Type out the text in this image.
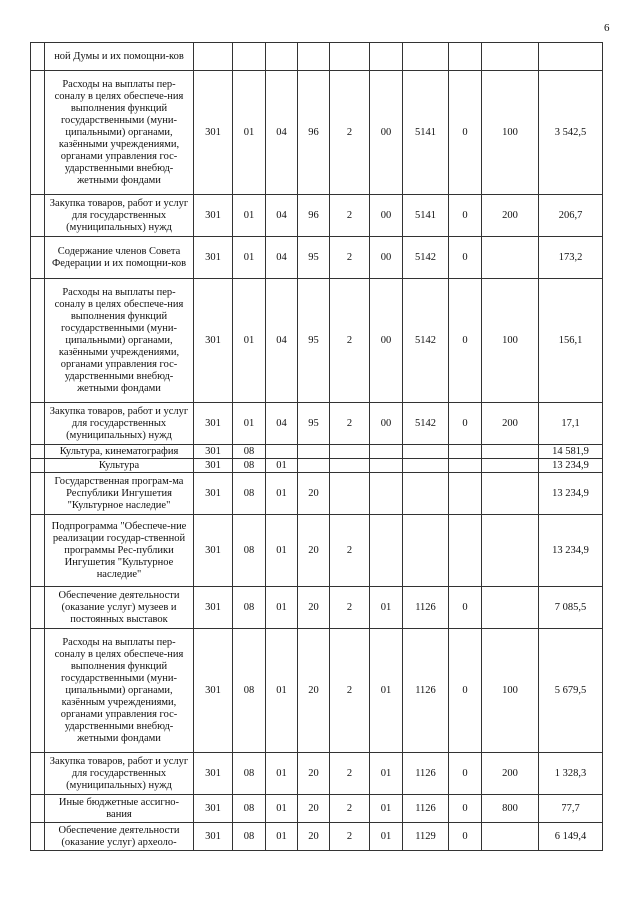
6
	ной Думы и их помощни-ков										
	Расходы на выплаты пер-соналу в целях обеспече-ния выполнения функций государственными (муни-ципальными) органами, казёнными учреждениями, органами управления гос-ударственными внебюд-жетными фондами	301	01	04	96	2	00	5141	0	100	3 542,5
	Закупка товаров, работ и услуг для государственных (муниципальных) нужд	301	01	04	96	2	00	5141	0	200	206,7
	Содержание членов Совета Федерации и их помощни-ков	301	01	04	95	2	00	5142	0		173,2
	Расходы на выплаты пер-соналу в целях обеспече-ния выполнения функций государственными (муни-ципальными) органами, казёнными учреждениями, органами управления гос-ударственными внебюд-жетными фондами	301	01	04	95	2	00	5142	0	100	156,1
	Закупка товаров, работ и услуг для государственных (муниципальных) нужд	301	01	04	95	2	00	5142	0	200	17,1
	Культура, кинематография	301	08								14 581,9
	Культура	301	08	01							13 234,9
	Государственная програм-ма Республики Ингушетия "Культурное наследие"	301	08	01	20						13 234,9
	Подпрограмма "Обеспече-ние реализации государ-ственной программы Рес-публики Ингушетия "Культурное наследие"	301	08	01	20	2					13 234,9
	Обеспечение деятельности (оказание услуг) музеев и постоянных выставок	301	08	01	20	2	01	1126	0		7 085,5
	Расходы на выплаты пер-соналу в целях обеспече-ния выполнения функций государственными (муни-ципальными) органами, казённым учреждениями, органами управления гос-ударственными внебюд-жетными фондами	301	08	01	20	2	01	1126	0	100	5 679,5
	Закупка товаров, работ и услуг для государственных (муниципальных) нужд	301	08	01	20	2	01	1126	0	200	1 328,3
	Иные бюджетные ассигно-вания	301	08	01	20	2	01	1126	0	800	77,7
	Обеспечение деятельности (оказание услуг) археоло-	301	08	01	20	2	01	1129	0		6 149,4
